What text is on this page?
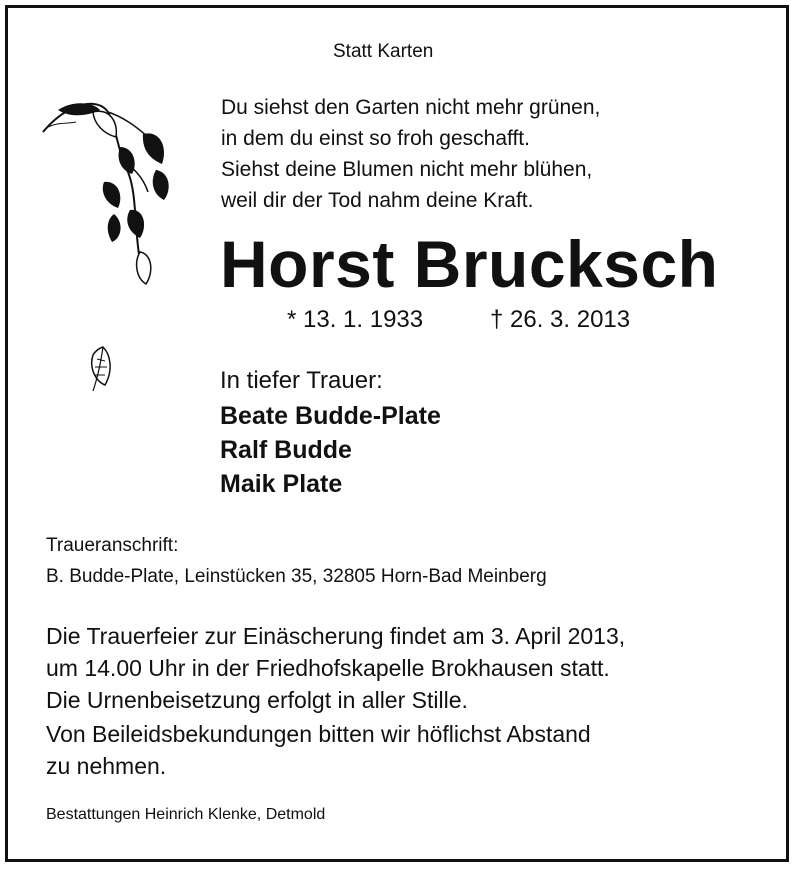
Statt Karten
Du siehst den Garten nicht mehr grünen,
in dem du einst so froh geschafft.
Siehst deine Blumen nicht mehr blühen,
weil dir der Tod nahm deine Kraft.
Horst Brucksch
* 13. 1. 1933	† 26. 3. 2013
In tiefer Trauer:
Beate Budde-Plate
Ralf Budde
Maik Plate
Traueranschrift:
B. Budde-Plate, Leinstücken 35, 32805 Horn-Bad Meinberg
Die Trauerfeier zur Einäscherung findet am 3. April 2013,
um 14.00 Uhr in der Friedhofskapelle Brokhausen statt.
Die Urnenbeisetzung erfolgt in aller Stille.
Von Beileidsbekundungen bitten wir höflichst Abstand
zu nehmen.
Bestattungen Heinrich Klenke, Detmold
